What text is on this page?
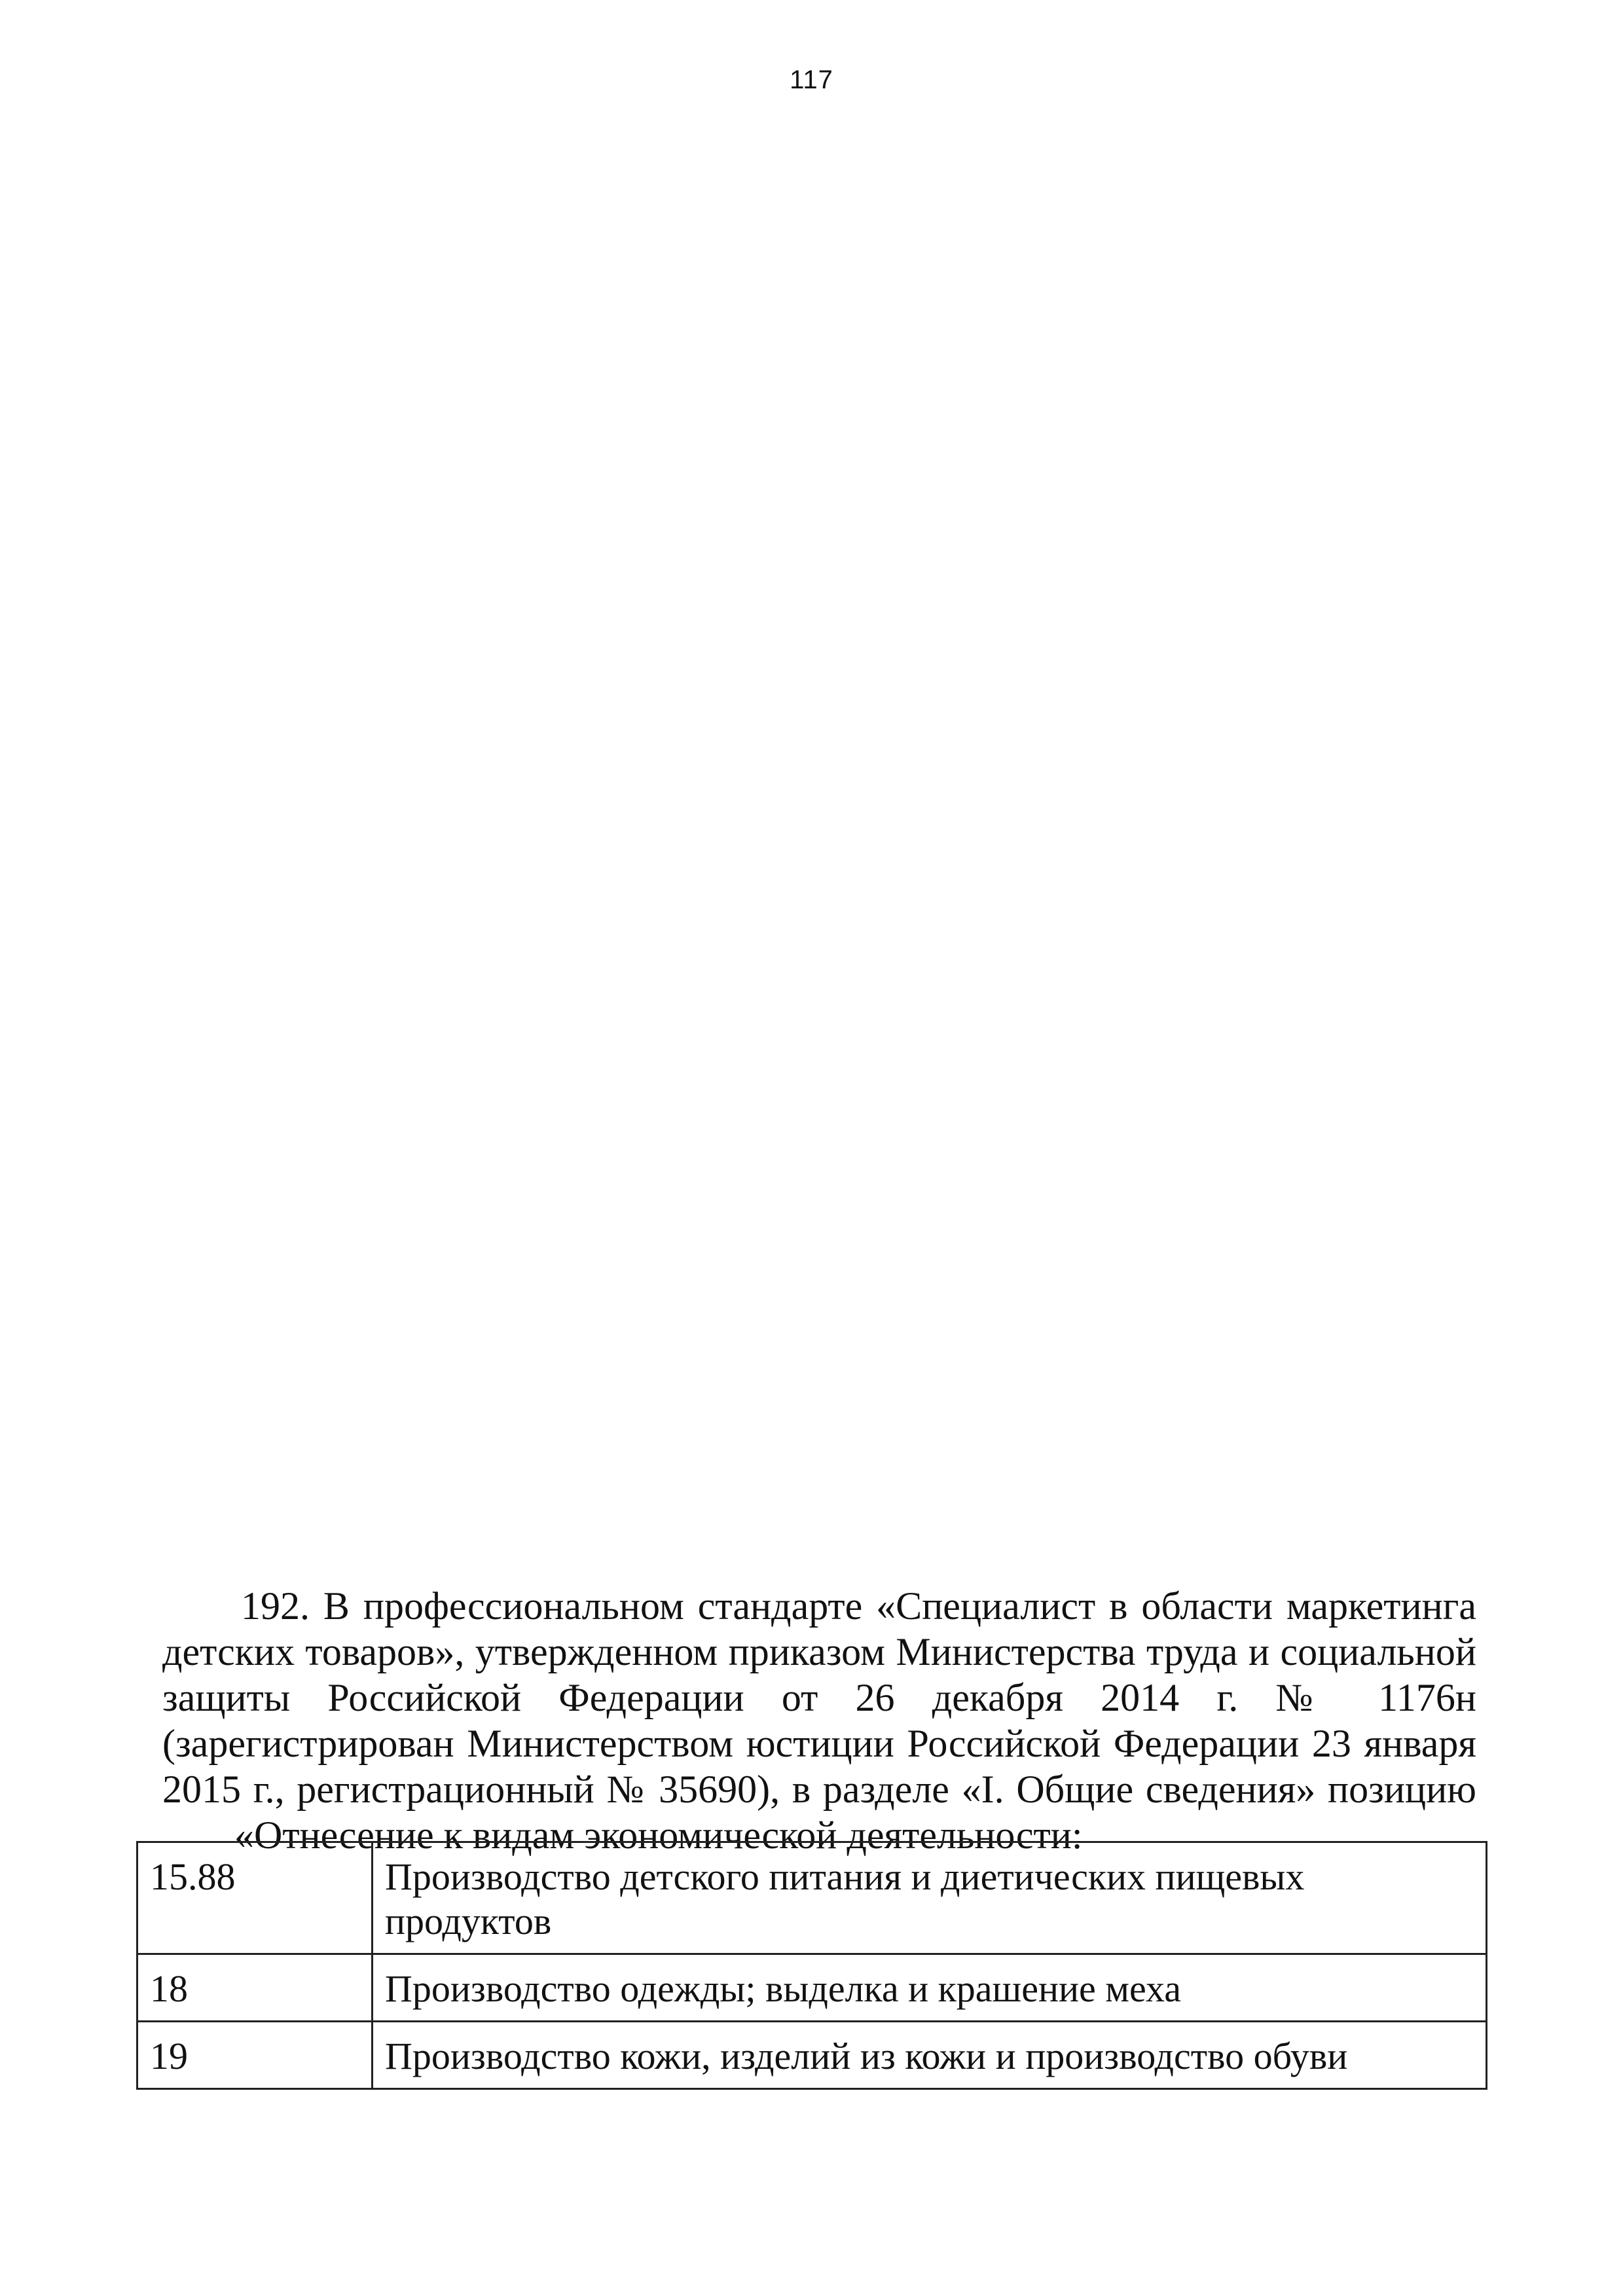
117
192. В профессиональном стандарте «Специалист в области маркетинга
детских товаров», утвержденном приказом Министерства труда и социальной
защиты Российской Федерации от 26 декабря 2014 г. № 1176н
(зарегистрирован Министерством юстиции Российской Федерации 23 января
2015 г., регистрационный № 35690), в разделе «I. Общие сведения» позицию
«Отнесение к видам экономической деятельности:
15.88	Производство детского питания и диетических пищевых продуктов
18	Производство одежды; выделка и крашение меха
19	Производство кожи, изделий из кожи и производство обуви
